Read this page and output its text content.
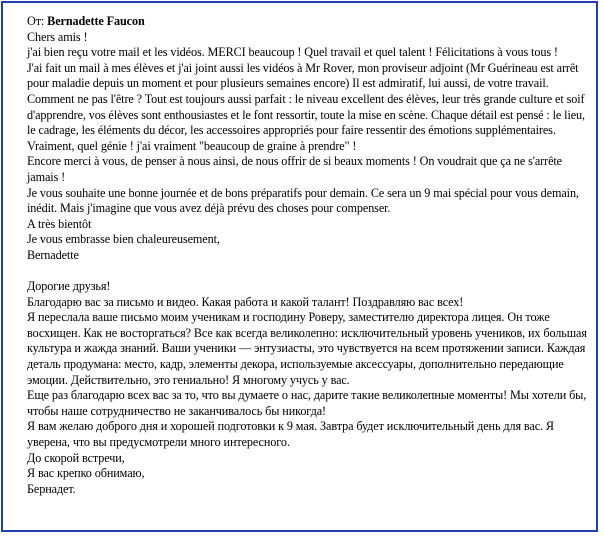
От: Bernadette Faucon

Chers amis !

j'ai bien reçu votre mail et les vidéos. MERCI beaucoup ! Quel travail et quel talent ! Félicitations à vous tous !

J'ai fait un mail à mes élèves et j'ai joint aussi les vidéos à Mr Rover, mon proviseur adjoint (Mr Guérineau est arrêt pour maladie depuis un moment et pour plusieurs semaines encore) Il est admiratif, lui aussi, de votre travail. Comment ne pas l'être ? Tout est toujours aussi parfait : le niveau excellent des élèves, leur très grande culture et soif d'apprendre, vos élèves sont enthousiastes et le font ressortir, toute la mise en scène. Chaque détail est pensé : le lieu, le cadrage, les éléments du décor, les accessoires appropriés pour faire ressentir des émotions supplémentaires. Vraiment, quel génie ! j'ai vraiment "beaucoup de graine à prendre" !

Encore merci à vous, de penser à nous ainsi, de nous offrir de si beaux moments ! On voudrait que ça ne s'arrête jamais !

Je vous souhaite une bonne journée et de bons préparatifs pour demain. Ce sera un 9 mai spécial pour vous demain, inédit. Mais j'imagine que vous avez déjà prévu des choses pour compenser.

A très bientôt

Je vous embrasse bien chaleureusement,

Bernadette

Дорогие друзья!

Благодарю вас за письмо и видео. Какая работа и какой талант! Поздравляю вас всех!

Я переслала ваше письмо моим ученикам и господину Роверу, заместителю директора лицея. Он тоже восхищен. Как не восторгаться? Все как всегда великолепно: исключительный уровень учеников, их большая культура и жажда знаний. Ваши ученики — энтузиасты, это чувствуется на всем протяжении записи. Каждая деталь продумана: место, кадр, элементы декора, используемые аксессуары, дополнительно передающие эмоции. Действительно, это гениально! Я многому учусь у вас.

Еще раз благодарю всех вас за то, что вы думаете о нас, дарите такие великолепные моменты! Мы хотели бы, чтобы наше сотрудничество не заканчивалось бы никогда!

Я вам желаю доброго дня и хорошей подготовки к 9 мая. Завтра будет исключительный день для вас. Я уверена, что вы предусмотрели много интересного.

До скорой встречи,

Я вас крепко обнимаю,

Бернадет.
